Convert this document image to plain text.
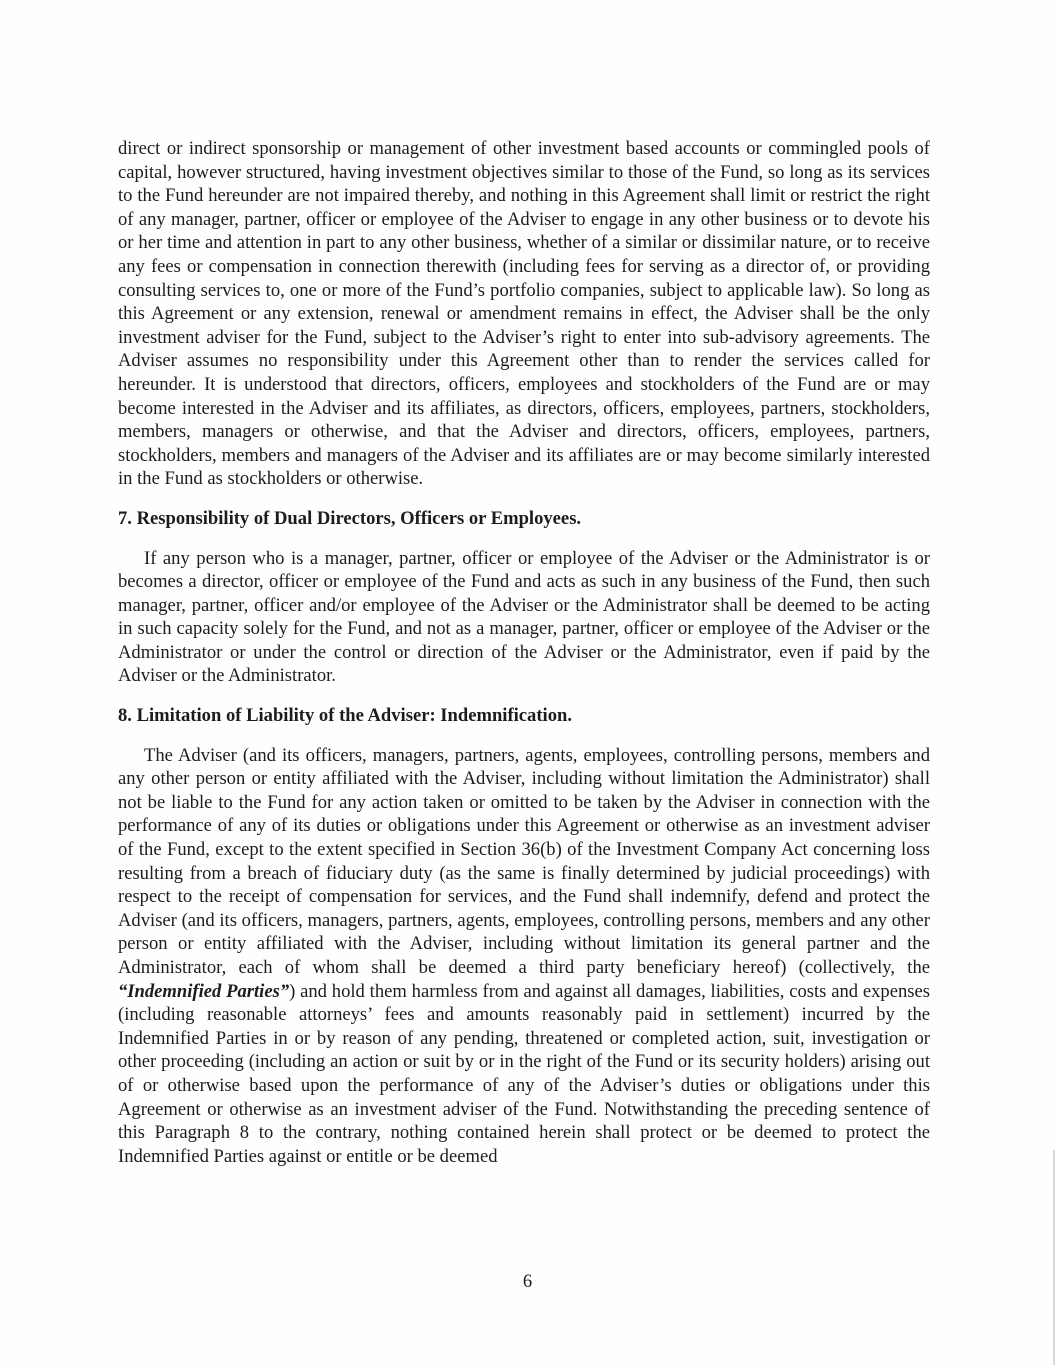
direct or indirect sponsorship or management of other investment based accounts or commingled pools of capital, however structured, having investment objectives similar to those of the Fund, so long as its services to the Fund hereunder are not impaired thereby, and nothing in this Agreement shall limit or restrict the right of any manager, partner, officer or employee of the Adviser to engage in any other business or to devote his or her time and attention in part to any other business, whether of a similar or dissimilar nature, or to receive any fees or compensation in connection therewith (including fees for serving as a director of, or providing consulting services to, one or more of the Fund’s portfolio companies, subject to applicable law). So long as this Agreement or any extension, renewal or amendment remains in effect, the Adviser shall be the only investment adviser for the Fund, subject to the Adviser’s right to enter into sub-advisory agreements. The Adviser assumes no responsibility under this Agreement other than to render the services called for hereunder. It is understood that directors, officers, employees and stockholders of the Fund are or may become interested in the Adviser and its affiliates, as directors, officers, employees, partners, stockholders, members, managers or otherwise, and that the Adviser and directors, officers, employees, partners, stockholders, members and managers of the Adviser and its affiliates are or may become similarly interested in the Fund as stockholders or otherwise.

7. Responsibility of Dual Directors, Officers or Employees.

If any person who is a manager, partner, officer or employee of the Adviser or the Administrator is or becomes a director, officer or employee of the Fund and acts as such in any business of the Fund, then such manager, partner, officer and/or employee of the Adviser or the Administrator shall be deemed to be acting in such capacity solely for the Fund, and not as a manager, partner, officer or employee of the Adviser or the Administrator or under the control or direction of the Adviser or the Administrator, even if paid by the Adviser or the Administrator.

8. Limitation of Liability of the Adviser: Indemnification.

The Adviser (and its officers, managers, partners, agents, employees, controlling persons, members and any other person or entity affiliated with the Adviser, including without limitation the Administrator) shall not be liable to the Fund for any action taken or omitted to be taken by the Adviser in connection with the performance of any of its duties or obligations under this Agreement or otherwise as an investment adviser of the Fund, except to the extent specified in Section 36(b) of the Investment Company Act concerning loss resulting from a breach of fiduciary duty (as the same is finally determined by judicial proceedings) with respect to the receipt of compensation for services, and the Fund shall indemnify, defend and protect the Adviser (and its officers, managers, partners, agents, employees, controlling persons, members and any other person or entity affiliated with the Adviser, including without limitation its general partner and the Administrator, each of whom shall be deemed a third party beneficiary hereof) (collectively, the “Indemnified Parties”) and hold them harmless from and against all damages, liabilities, costs and expenses (including reasonable attorneys’ fees and amounts reasonably paid in settlement) incurred by the Indemnified Parties in or by reason of any pending, threatened or completed action, suit, investigation or other proceeding (including an action or suit by or in the right of the Fund or its security holders) arising out of or otherwise based upon the performance of any of the Adviser’s duties or obligations under this Agreement or otherwise as an investment adviser of the Fund. Notwithstanding the preceding sentence of this Paragraph 8 to the contrary, nothing contained herein shall protect or be deemed to protect the Indemnified Parties against or entitle or be deemed

6
